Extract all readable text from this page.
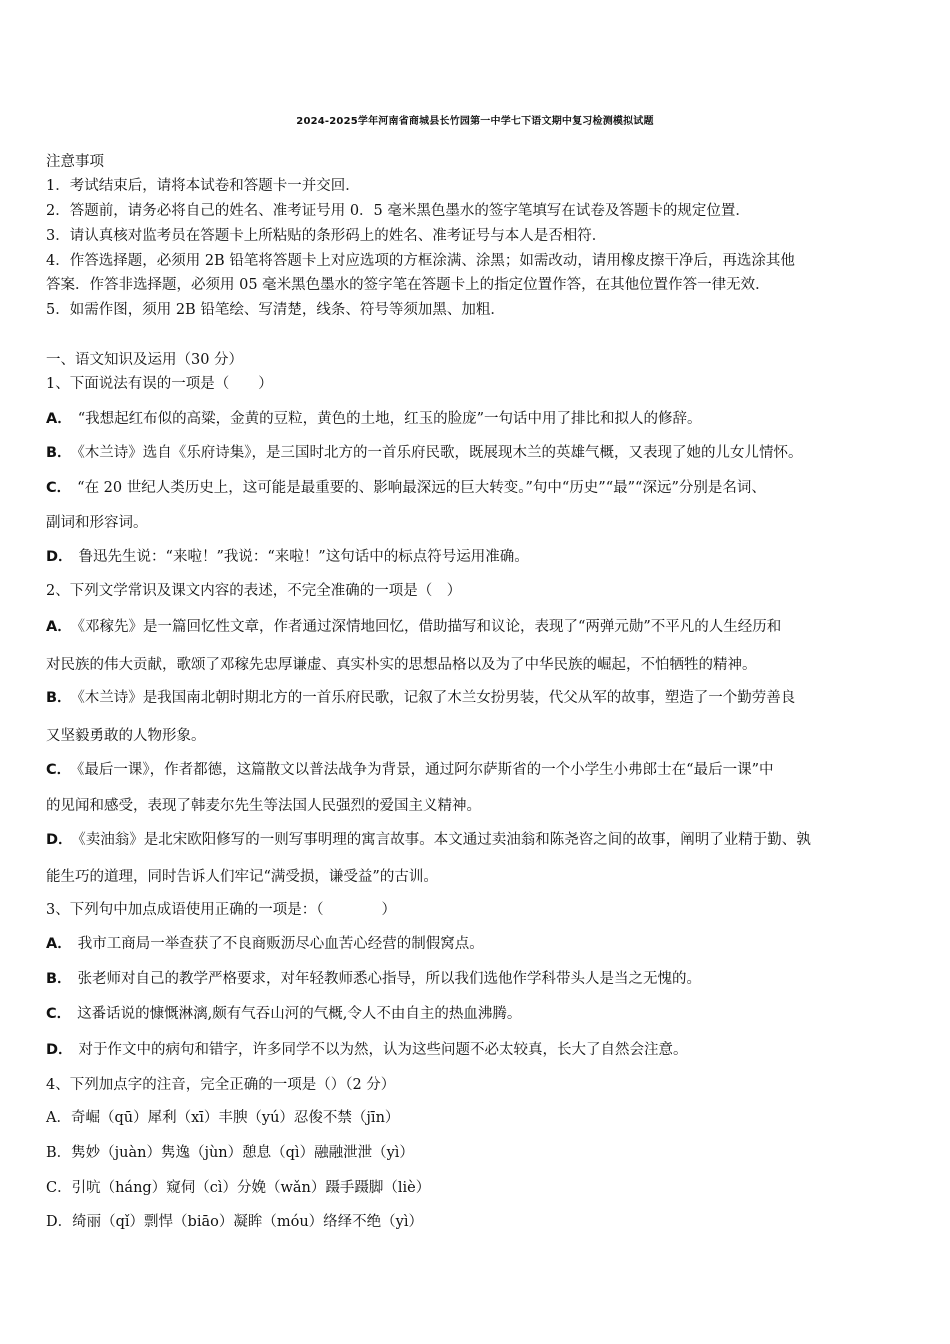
2024-2025学年河南省商城县长竹园第一中学七下语文期中复习检测模拟试题
注意事项
1．考试结束后，请将本试卷和答题卡一并交回．
2．答题前，请务必将自己的姓名、准考证号用 0．5 毫米黑色墨水的签字笔填写在试卷及答题卡的规定位置．
3．请认真核对监考员在答题卡上所粘贴的条形码上的姓名、准考证号与本人是否相符．
4．作答选择题，必须用 2B 铅笔将答题卡上对应选项的方框涂满、涂黑；如需改动，请用橡皮擦干净后，再选涂其他
答案．作答非选择题，必须用 05 毫米黑色墨水的签字笔在答题卡上的指定位置作答，在其他位置作答一律无效．
5．如需作图，须用 2B 铅笔绘、写清楚，线条、符号等须加黑、加粗．
一、语文知识及运用（30 分）
1、下面说法有误的一项是（　　）
A． “我想起红布似的高粱，金黄的豆粒，黄色的土地，红玉的脸庞”一句话中用了排比和拟人的修辞。
B． 《木兰诗》选自《乐府诗集》，是三国时北方的一首乐府民歌，既展现木兰的英雄气概，又表现了她的儿女儿情怀。
C． “在 20 世纪人类历史上，这可能是最重要的、影响最深远的巨大转变。”句中“历史”“最”“深远”分别是名词、
副词和形容词。
D． 鲁迅先生说：“来啦！”我说：“来啦！”这句话中的标点符号运用准确。
2、下列文学常识及课文内容的表述，不完全准确的一项是（　）
A． 《邓稼先》是一篇回忆性文章，作者通过深情地回忆，借助描写和议论，表现了“两弹元勋”不平凡的人生经历和
对民族的伟大贡献，歌颂了邓稼先忠厚谦虚、真实朴实的思想品格以及为了中华民族的崛起，不怕牺牲的精神。
B． 《木兰诗》是我国南北朝时期北方的一首乐府民歌，记叙了木兰女扮男装，代父从军的故事，塑造了一个勤劳善良
又坚毅勇敢的人物形象。
C． 《最后一课》，作者都德，这篇散文以普法战争为背景，通过阿尔萨斯省的一个小学生小弗郎士在“最后一课”中
的见闻和感受，表现了韩麦尔先生等法国人民强烈的爱国主义精神。
D． 《卖油翁》是北宋欧阳修写的一则写事明理的寓言故事。本文通过卖油翁和陈尧咨之间的故事，阐明了业精于勤、孰
能生巧的道理，同时告诉人们牢记“满受损，谦受益”的古训。
3、下列句中加点成语使用正确的一项是：（　　　　）
A． 我市工商局一举查获了不良商贩沥尽心血苦心经营的制假窝点。
B． 张老师对自己的教学严格要求，对年轻教师悉心指导，所以我们选他作学科带头人是当之无愧的。
C． 这番话说的慷慨淋漓,颇有气吞山河的气概,令人不由自主的热血沸腾。
D． 对于作文中的病句和错字，许多同学不以为然，认为这些问题不必太较真，长大了自然会注意。
4、下列加点字的注音，完全正确的一项是（）（2 分）
A．奇崛（qū）犀利（xī）丰腴（yú）忍俊不禁（jīn）
B．隽妙（juàn）隽逸（jùn）憩息（qì）融融泄泄（yì）
C．引吭（háng）窥伺（cì）分娩（wǎn）蹑手蹑脚（liè）
D．绮丽（qǐ）剽悍（biāo）凝眸（móu）络绎不绝（yì）
